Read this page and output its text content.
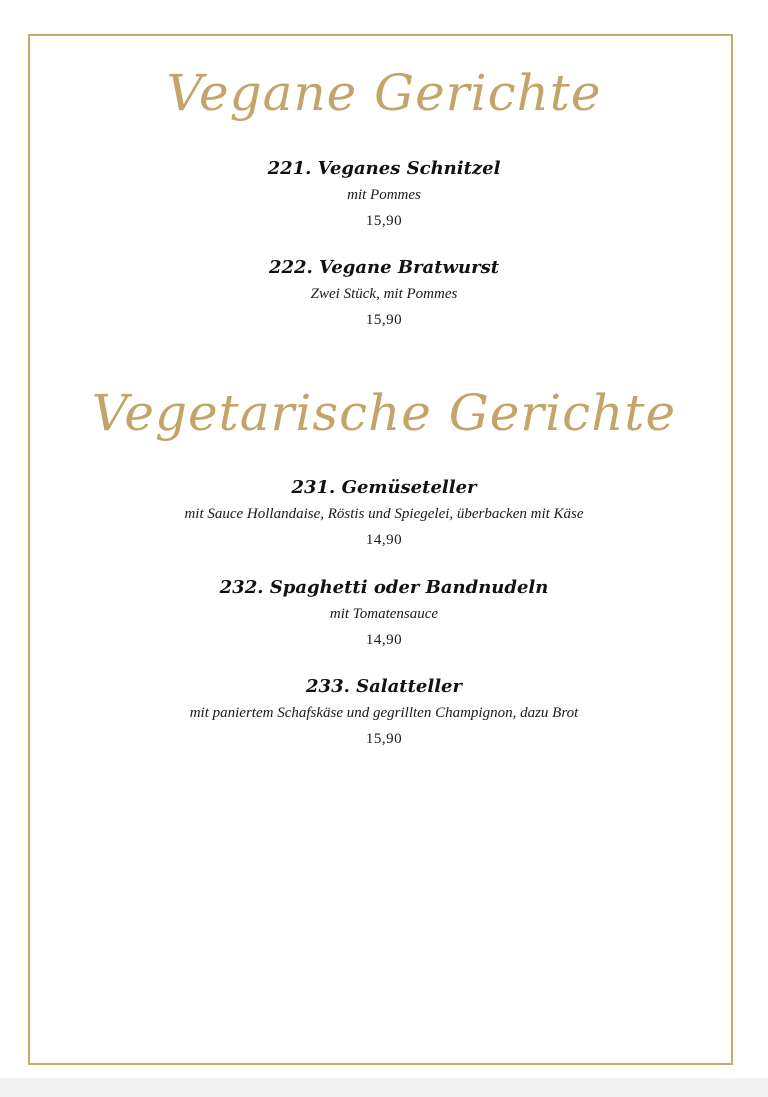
Vegane Gerichte
221. Veganes Schnitzel
mit Pommes
15,90
222. Vegane Bratwurst
Zwei Stück, mit Pommes
15,90
Vegetarische Gerichte
231. Gemüseteller
mit Sauce Hollandaise, Röstis und Spiegelei, überbacken mit Käse
14,90
232. Spaghetti oder Bandnudeln
mit Tomatensauce
14,90
233. Salatteller
mit paniertem Schafskäse und gegrillten Champignon, dazu Brot
15,90
